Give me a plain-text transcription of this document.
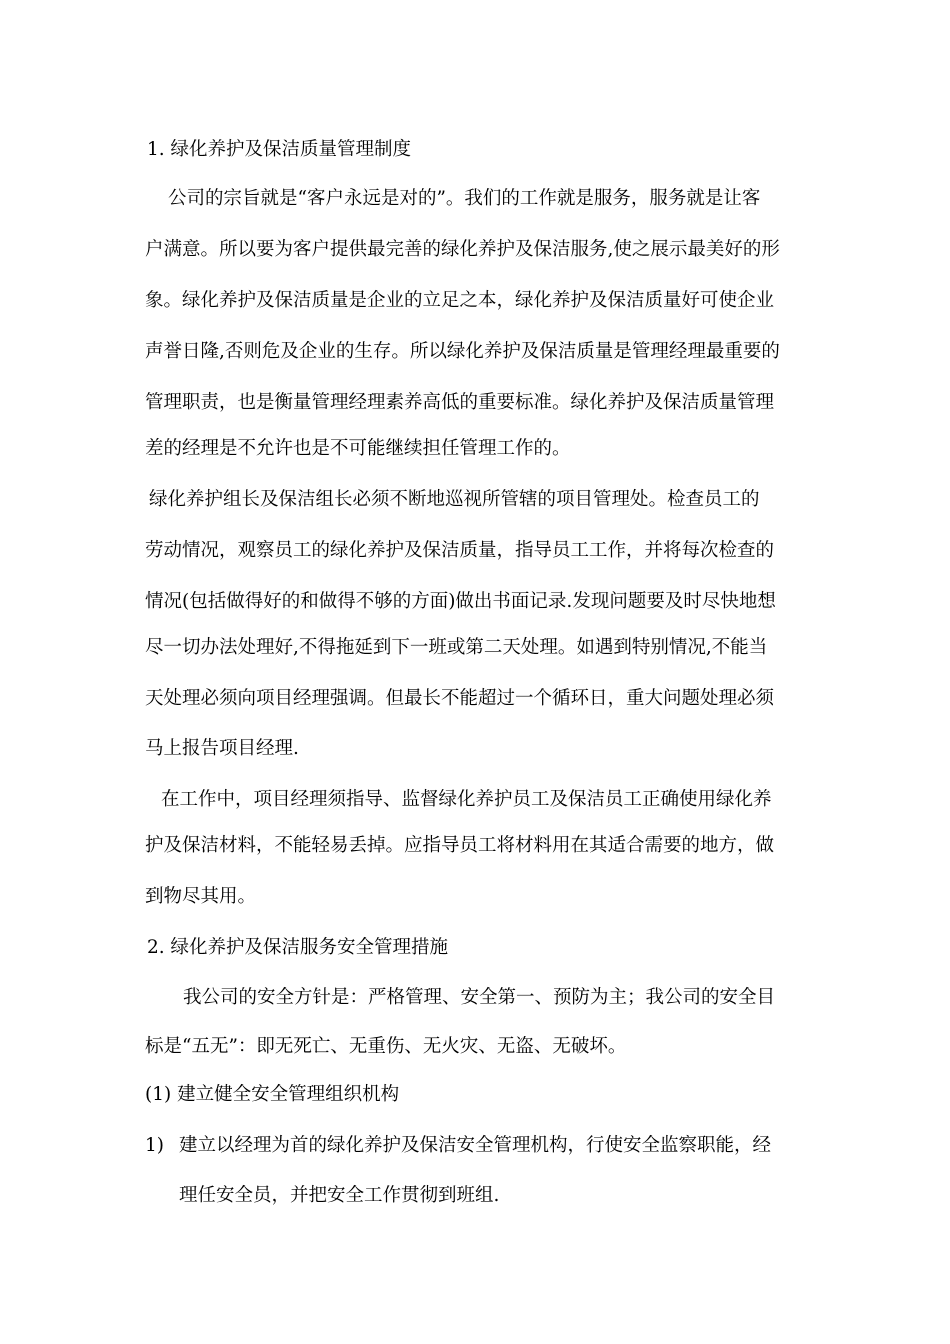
1. 绿化养护及保洁质量管理制度
公司的宗旨就是“客户永远是对的”。我们的工作就是服务，服务就是让客
户满意。所以要为客户提供最完善的绿化养护及保洁服务,使之展示最美好的形
象。绿化养护及保洁质量是企业的立足之本，绿化养护及保洁质量好可使企业
声誉日隆,否则危及企业的生存。所以绿化养护及保洁质量是管理经理最重要的
管理职责，也是衡量管理经理素养高低的重要标准。绿化养护及保洁质量管理
差的经理是不允许也是不可能继续担任管理工作的。
绿化养护组长及保洁组长必须不断地巡视所管辖的项目管理处。检查员工的
劳动情况，观察员工的绿化养护及保洁质量，指导员工工作，并将每次检查的
情况(包括做得好的和做得不够的方面)做出书面记录.发现问题要及时尽快地想
尽一切办法处理好,不得拖延到下一班或第二天处理。如遇到特别情况,不能当
天处理必须向项目经理强调。但最长不能超过一个循环日，重大问题处理必须
马上报告项目经理.
在工作中，项目经理须指导、监督绿化养护员工及保洁员工正确使用绿化养
护及保洁材料，不能轻易丢掉。应指导员工将材料用在其适合需要的地方，做
到物尽其用。
2. 绿化养护及保洁服务安全管理措施
我公司的安全方针是：严格管理、安全第一、预防为主；我公司的安全目
标是“五无”：即无死亡、无重伤、无火灾、无盗、无破坏。
(1) 建立健全安全管理组织机构
1) 建立以经理为首的绿化养护及保洁安全管理机构，行使安全监察职能，经
理任安全员，并把安全工作贯彻到班组.
